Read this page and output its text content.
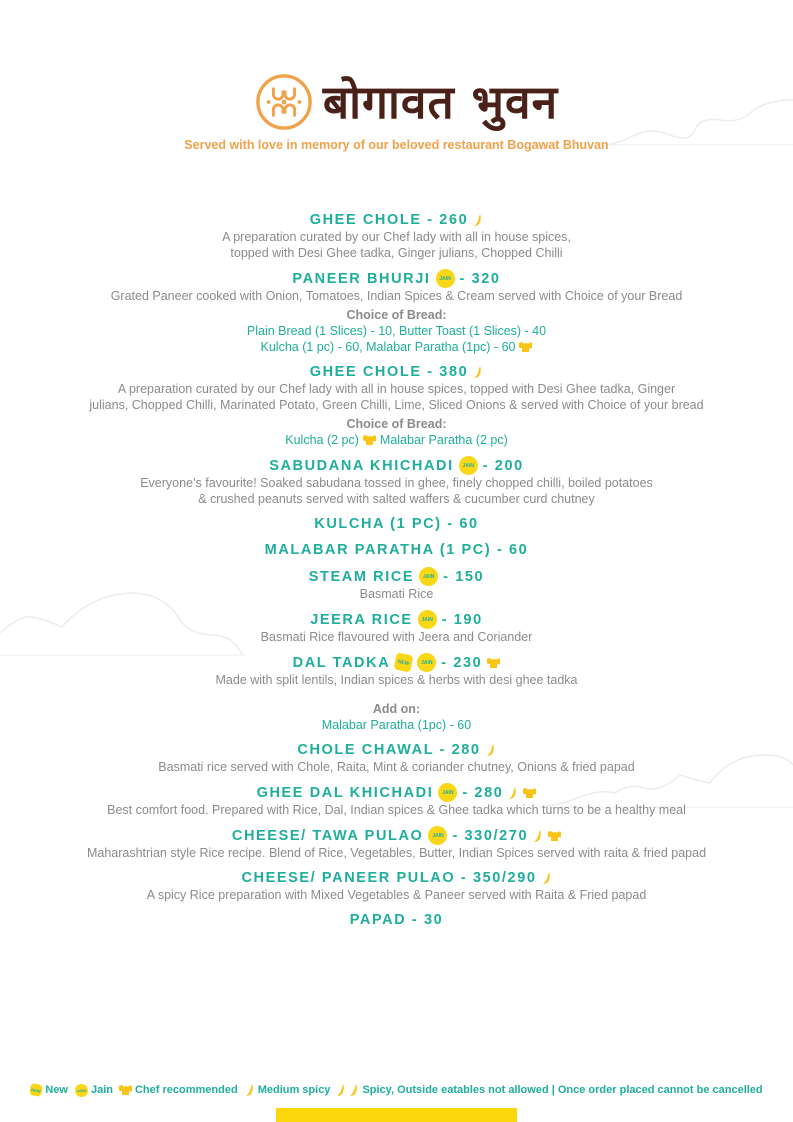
बोगावत भुवन
Served with love in memory of our beloved restaurant Bogawat Bhuvan
GHEE CHOLE - 260
A preparation curated by our Chef lady with all in house spices,
topped with Desi Ghee tadka, Ginger julians, Chopped Chilli
PANEER BHURJI	JAIN - 320
Grated Paneer cooked with Onion, Tomatoes, Indian Spices & Cream served with Choice of your Bread
Choice of Bread:
Plain Bread (1 Slices) - 10, Butter Toast (1 Slices) - 40
Kulcha (1 pc) - 60, Malabar Paratha (1pc) - 60
GHEE CHOLE - 380
A preparation curated by our Chef lady with all in house spices, topped with Desi Ghee tadka, Ginger
julians, Chopped Chilli, Marinated Potato, Green Chilli, Lime, Sliced Onions & served with Choice of your bread
Choice of Bread:
Kulcha (2 pc) Malabar Paratha (2 pc)
SABUDANA KHICHADI	JAIN - 200
Everyone’s favourite! Soaked sabudana tossed in ghee, finely chopped chilli, boiled potatoes
& crushed peanuts served with salted waffers & cucumber curd chutney
KULCHA (1 PC) - 60
MALABAR PARATHA (1 PC) - 60
STEAM RICE	JAIN - 150
Basmati Rice
JEERA RICE	JAIN - 190
Basmati Rice flavoured with Jeera and Coriander
DAL TADKA	NEW	JAIN - 230
Made with split lentils, Indian spices & herbs with desi ghee tadka
Add on:
Malabar Paratha (1pc) - 60
CHOLE CHAWAL - 280
Basmati rice served with Chole, Raita, Mint & coriander chutney, Onions & fried papad
GHEE DAL KHICHADI	JAIN - 280
Best comfort food. Prepared with Rice, Dal, Indian spices & Ghee tadka which turns to be a healthy meal
CHEESE/ TAWA PULAO	JAIN - 330/270
Maharashtrian style Rice recipe. Blend of Rice, Vegetables, Butter, Indian Spices served with raita & fried papad
CHEESE/ PANEER PULAO - 350/290
A spicy Rice preparation with Mixed Vegetables & Paneer served with Raita & Fried papad
PAPAD - 30
NEW New	JAIN Jain Chef recommended Medium spicy	Spicy, Outside eatables not allowed | Once order placed cannot be cancelled
